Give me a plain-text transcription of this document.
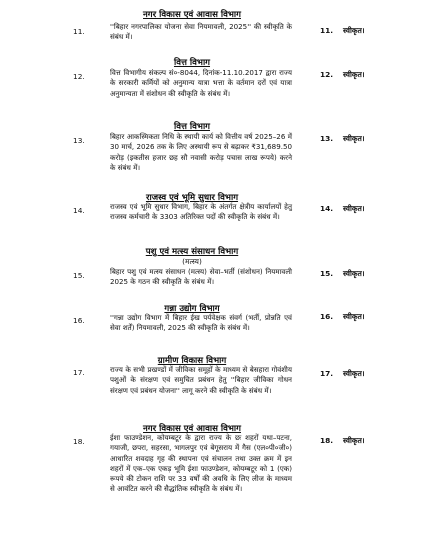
नगर विकास एवं आवास विभाग
11.
''बिहार नगरपालिका योजना सेवा नियमावली, 2025'' की स्वीकृति के संबंध में।
11. स्वीकृत।
वित्त विभाग
12.	वित्त विभागीय संकल्प सं०-8044, दिनांक-11.10.2017 द्वारा राज्य के सरकारी कर्मियों को अनुमान्य यात्रा भत्ता के वर्तमान दरों एवं यात्रा अनुमान्यता में संशोधन की स्वीकृति के संबंध में।
12. स्वीकृत।
वित्त विभाग
13.	बिहार आकस्मिकता निधि के स्थायी कार्य को वित्तीय वर्ष 2025–26 में 30 मार्च, 2026 तक के लिए अस्थायी रूप से बढ़ाकर ₹31,689.50 करोड़ (इकतीस हजार छह सौ नवासी करोड़ पचास लाख रूपये) करने के संबंध में।
13. स्वीकृत।
राजस्व एवं भूमि सुधार विभाग
14.	राजस्व एवं भूमि सुधार विभाग, बिहार के अंतर्गत क्षेत्रीय कार्यालयों हेतु राजस्व कर्मचारी के 3303 अतिरिक्त पदों की स्वीकृति के संबंध में।
14. स्वीकृत।
पशु एवं मत्स्य संसाधन विभाग
(मत्स्य)
15.	बिहार पशु एवं मत्स्य संसाधन (मत्स्य) सेवा–भर्ती (संशोधन) नियमावली 2025 के गठन की स्वीकृति के संबंध में।
15. स्वीकृत।
गन्ना उद्योग विभाग
16.	''गन्ना उद्योग विभाग में बिहार ईख पर्यवेक्षक संवर्ग (भर्ती, प्रोन्नति एवं सेवा शर्तें) नियमावली, 2025 की स्वीकृति के संबंध में।
16. स्वीकृत।
ग्रामीण विकास विभाग
17.	राज्य के सभी प्रखण्डों में जीविका समूहों के माध्यम से बेसहारा गोवंशीय पशुओं के संरक्षण एवं समुचित प्रबंधन हेतु ''बिहार जीविका गोधन संरक्षण एवं प्रबंधन योजना'' लागू करने की स्वीकृति के संबंध में।
17. स्वीकृत।
नगर विकास एवं आवास विभाग
18.	ईशा फाउण्डेशन, कोयम्बटूर के द्वारा राज्य के छः शहरों यथा–पटना, गयाजी, छपरा, सहरसा, भागलपुर एवं बेगूसराय में गैस (एल०पी०जी०) आधारित शवदाह गृह की स्थापना एवं संचालन तथा उक्त क्रम में इन शहरों में एक–एक एकड़ भूमि ईशा फाउण्डेशन, कोयम्बटूर को 1 (एक) रूपये की टोकन राशि पर 33 वर्षों की अवधि के लिए लीज के माध्यम से आवंटित करने की सैद्धांतिक स्वीकृति के संबंध में।
18. स्वीकृत।
